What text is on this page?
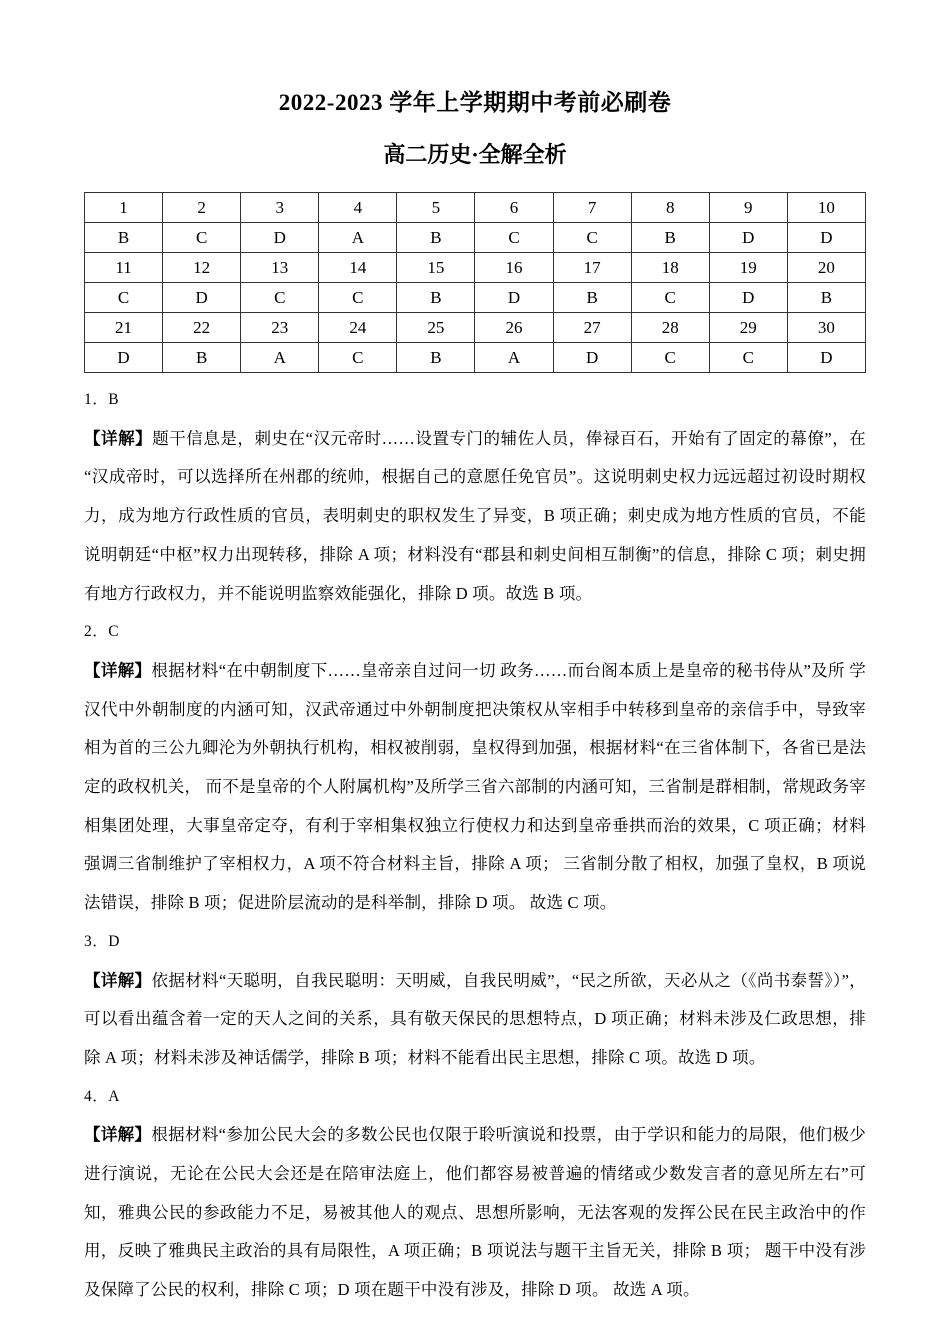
2022-2023 学年上学期期中考前必刷卷
高二历史·全解全析
1	2	3	4	5	6	7	8	9	10
B	C	D	A	B	C	C	B	D	D
11	12	13	14	15	16	17	18	19	20
C	D	C	C	B	D	B	C	D	B
21	22	23	24	25	26	27	28	29	30
D	B	A	C	B	A	D	C	C	D
1．B
【详解】题干信息是，刺史在“汉元帝时……设置专门的辅佐人员，俸禄百石，开始有了固定的幕僚”，在“汉成帝时，可以选择所在州郡的统帅，根据自己的意愿任免官员”。这说明刺史权力远远超过初设时期权力，成为地方行政性质的官员，表明刺史的职权发生了异变，B 项正确；刺史成为地方性质的官员，不能说明朝廷“中枢”权力出现转移，排除 A 项；材料没有“郡县和刺史间相互制衡”的信息，排除 C 项；刺史拥有地方行政权力，并不能说明监察效能强化，排除 D 项。故选 B 项。
2．C
【详解】根据材料“在中朝制度下……皇帝亲自过问一切 政务……而台阁本质上是皇帝的秘书侍从”及所 学汉代中外朝制度的内涵可知，汉武帝通过中外朝制度把决策权从宰相手中转移到皇帝的亲信手中，导致宰相为首的三公九卿沦为外朝执行机构，相权被削弱，皇权得到加强，根据材料“在三省体制下，各省已是法定的政权机关， 而不是皇帝的个人附属机构”及所学三省六部制的内涵可知，三省制是群相制，常规政务宰相集团处理，大事皇帝定夺，有利于宰相集权独立行使权力和达到皇帝垂拱而治的效果，C 项正确；材料强调三省制维护了宰相权力，A 项不符合材料主旨，排除 A 项； 三省制分散了相权，加强了皇权，B 项说法错误，排除 B 项；促进阶层流动的是科举制，排除 D 项。 故选 C 项。
3．D
【详解】依据材料“天聪明，自我民聪明：天明威，自我民明威”，“民之所欲，天必从之（《尚书泰誓》）”，可以看出蕴含着一定的天人之间的关系，具有敬天保民的思想特点，D 项正确；材料未涉及仁政思想，排除 A 项；材料未涉及神话儒学，排除 B 项；材料不能看出民主思想，排除 C 项。故选 D 项。
4．A
【详解】根据材料“参加公民大会的多数公民也仅限于聆听演说和投票，由于学识和能力的局限，他们极少进行演说，无论在公民大会还是在陪审法庭上，他们都容易被普遍的情绪或少数发言者的意见所左右”可知，雅典公民的参政能力不足，易被其他人的观点、思想所影响，无法客观的发挥公民在民主政治中的作用，反映了雅典民主政治的具有局限性，A 项正确；B 项说法与题干主旨无关，排除 B 项； 题干中没有涉及保障了公民的权利，排除 C 项；D 项在题干中没有涉及，排除 D 项。 故选 A 项。
